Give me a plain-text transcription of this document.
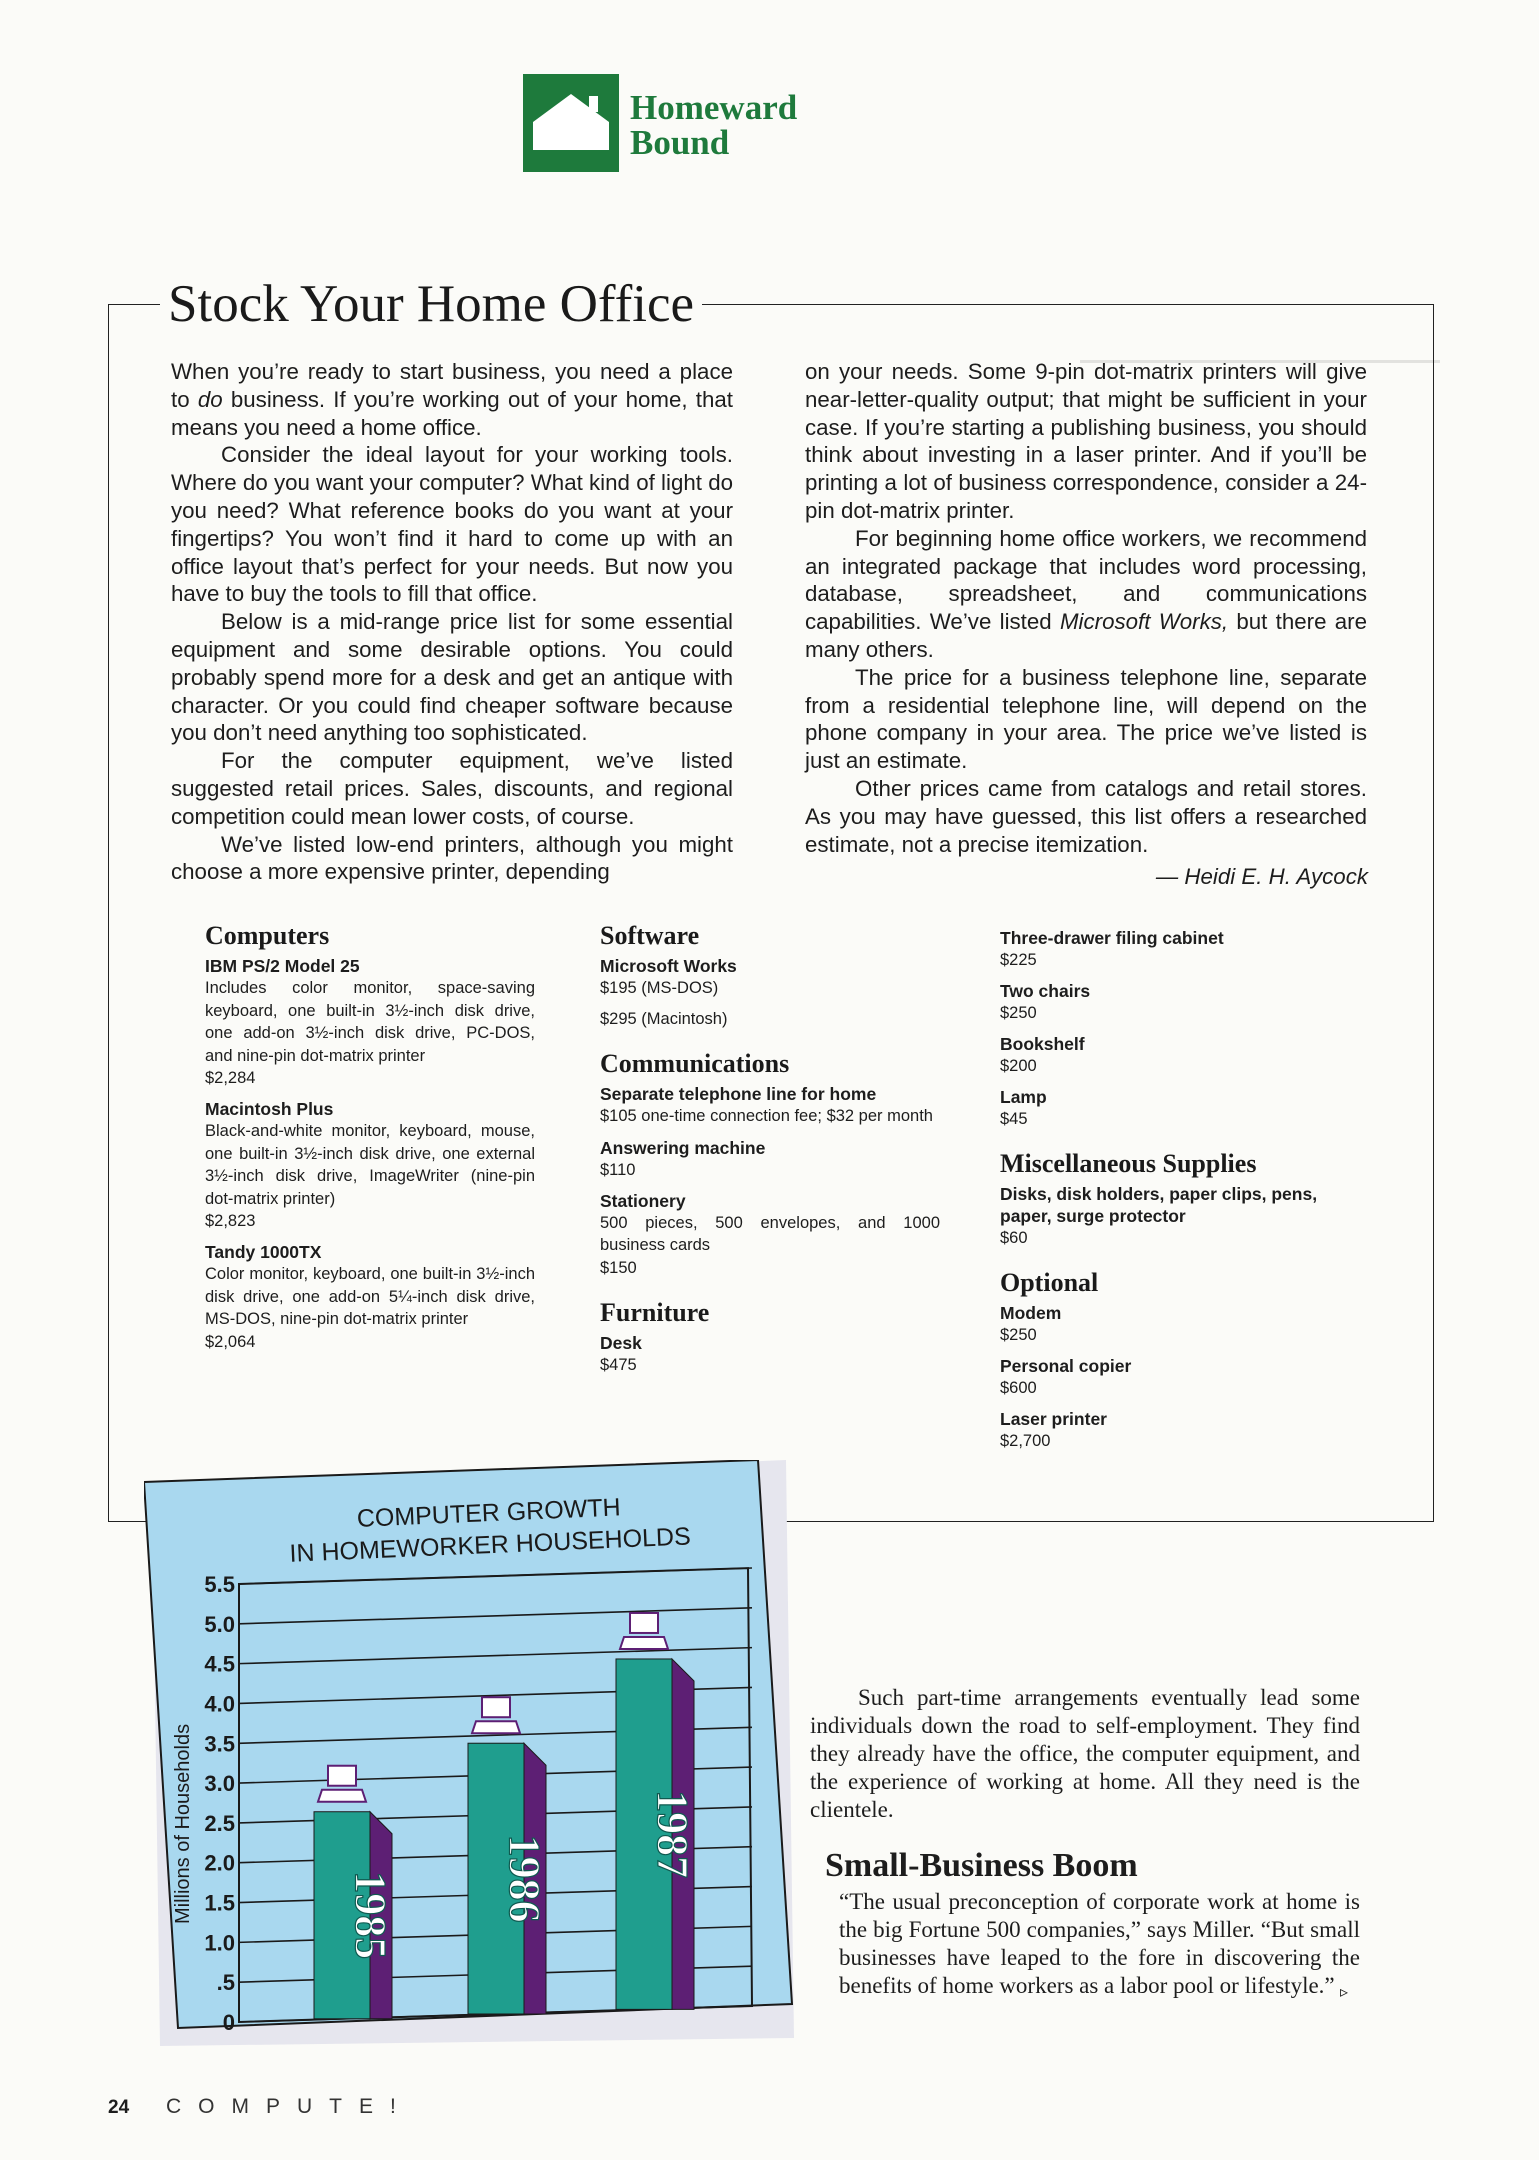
Homeward
Bound
Stock Your Home Office

When you’re ready to start business, you need a place to do business. If you’re working out of your home, that means you need a home office.

Consider the ideal layout for your working tools. Where do you want your computer? What kind of light do you need? What reference books do you want at your fingertips? You won’t find it hard to come up with an office layout that’s perfect for your needs. But now you have to buy the tools to fill that office.

Below is a mid-range price list for some essential equipment and some desirable options. You could probably spend more for a desk and get an antique with character. Or you could find cheaper software because you don’t need anything too sophisticated.

For the computer equipment, we’ve listed suggested retail prices. Sales, discounts, and regional competition could mean lower costs, of course.

We’ve listed low-end printers, although you might choose a more expensive printer, depending

on your needs. Some 9-pin dot-matrix printers will give near-letter-quality output; that might be sufficient in your case. If you’re starting a publishing business, you should think about investing in a laser printer. And if you’ll be printing a lot of business correspondence, consider a 24-pin dot-matrix printer.

For beginning home office workers, we recommend an integrated package that includes word processing, database, spreadsheet, and communications capabilities. We’ve listed Microsoft Works, but there are many others.

The price for a business telephone line, separate from a residential telephone line, will depend on the phone company in your area. The price we’ve listed is just an estimate.

Other prices came from catalogs and retail stores. As you may have guessed, this list offers a researched estimate, not a precise itemization.

— Heidi E. H. Aycock
Computers
IBM PS/2 Model 25
Includes color monitor, space-saving keyboard, one built-in 3½-inch disk drive, one add-on 3½-inch disk drive, PC-DOS, and nine-pin dot-matrix printer
$2,284
Macintosh Plus
Black-and-white monitor, keyboard, mouse, one built-in 3½-inch disk drive, one external 3½-inch disk drive, ImageWriter (nine-pin dot-matrix printer)
$2,823
Tandy 1000TX
Color monitor, keyboard, one built-in 3½-inch disk drive, one add-on 5¼-inch disk drive, MS-DOS, nine-pin dot-matrix printer
$2,064
Software
Microsoft Works
$195 (MS-DOS)
$295 (Macintosh)
Communications
Separate telephone line for home
$105 one-time connection fee; $32 per month
Answering machine
$110
Stationery
500 pieces, 500 envelopes, and 1000 business cards
$150
Furniture
Desk
$475
Three-drawer filing cabinet
$225
Two chairs
$250
Bookshelf
$200
Lamp
$45
Miscellaneous Supplies
Disks, disk holders, paper clips, pens, paper, surge protector
$60
Optional
Modem
$250
Personal copier
$600
Laser printer
$2,700
COMPUTER GROWTH
IN HOMEWORKER HOUSEHOLDS
0
.5
1.0
1.5
2.0
2.5
3.0
3.5
4.0
4.5
5.0
5.5
1985 1986
1987
Millions of Households

Such part-time arrangements eventually lead some individuals down the road to self-employment. They find they already have the office, the computer equipment, and the experience of working at home. All they need is the clientele.

Small-Business Boom

“The usual preconception of corporate work at home is the big Fortune 500 companies,” says Miller. “But small businesses have leaped to the fore in discovering the benefits of home workers as a labor pool or lifestyle.” ▹

24 COMPUTE!
